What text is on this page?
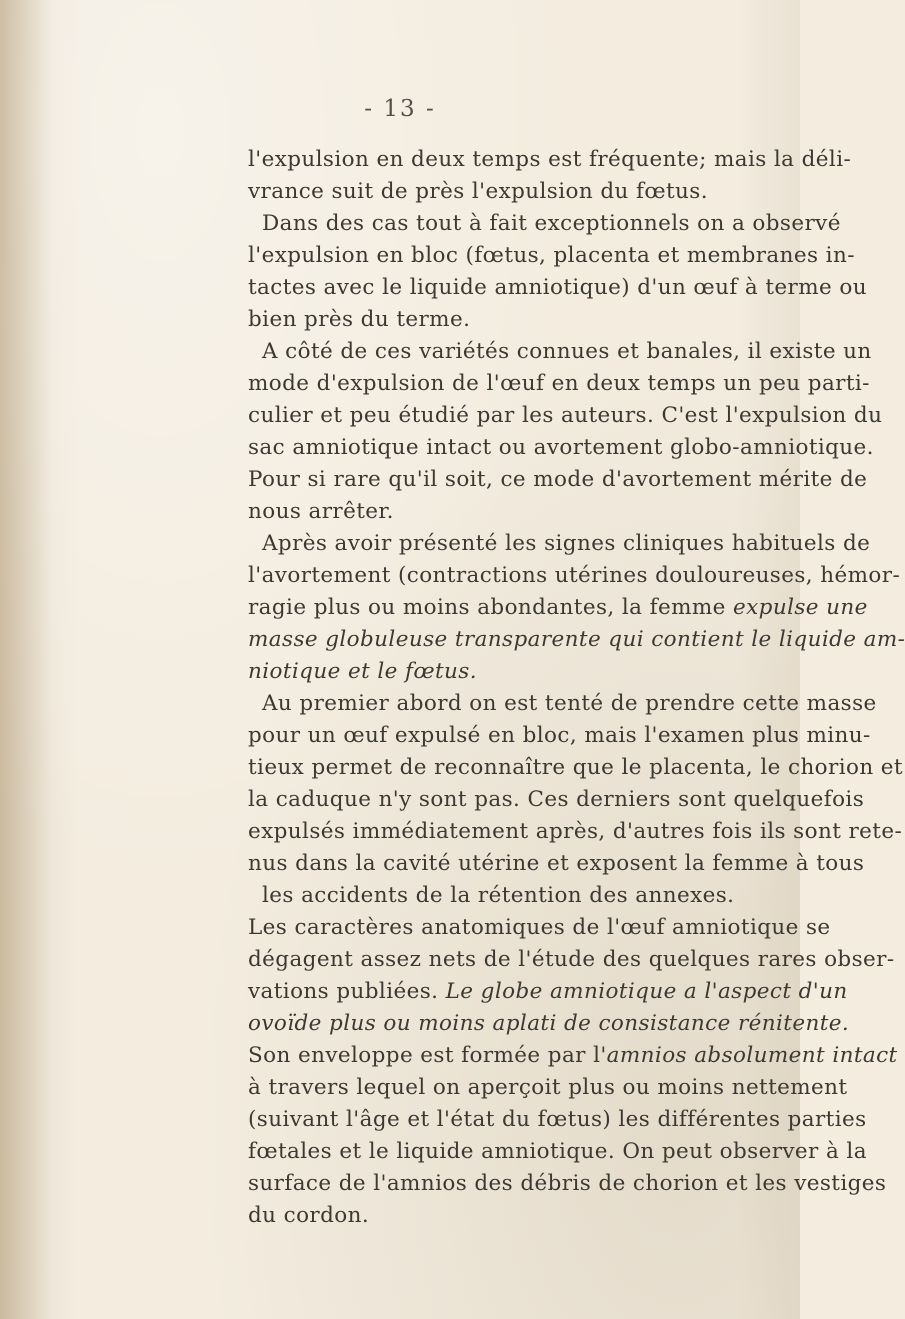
- 13 -
l'expulsion en deux temps est fréquente; mais la déli-
vrance suit de près l'expulsion du fœtus.
Dans des cas tout à fait exceptionnels on a observé
l'expulsion en bloc (fœtus, placenta et membranes in-
tactes avec le liquide amniotique) d'un œuf à terme ou
bien près du terme.
A côté de ces variétés connues et banales, il existe un
mode d'expulsion de l'œuf en deux temps un peu parti-
culier et peu étudié par les auteurs. C'est l'expulsion du
sac amniotique intact ou avortement globo-amniotique.
Pour si rare qu'il soit, ce mode d'avortement mérite de
nous arrêter.
Après avoir présenté les signes cliniques habituels de
l'avortement (contractions utérines douloureuses, hémor-
ragie plus ou moins abondantes, la femme expulse une
masse globuleuse transparente qui contient le liquide am-
niotique et le fœtus.
Au premier abord on est tenté de prendre cette masse
pour un œuf expulsé en bloc, mais l'examen plus minu-
tieux permet de reconnaître que le placenta, le chorion et
la caduque n'y sont pas. Ces derniers sont quelquefois
expulsés immédiatement après, d'autres fois ils sont rete-
nus dans la cavité utérine et exposent la femme à tous
les accidents de la rétention des annexes.
Les caractères anatomiques de l'œuf amniotique se
dégagent assez nets de l'étude des quelques rares obser-
vations publiées. Le globe amniotique a l'aspect d'un
ovoïde plus ou moins aplati de consistance rénitente.
Son enveloppe est formée par l'amnios absolument intact
à travers lequel on aperçoit plus ou moins nettement
(suivant l'âge et l'état du fœtus) les différentes parties
fœtales et le liquide amniotique. On peut observer à la
surface de l'amnios des débris de chorion et les vestiges
du cordon.
